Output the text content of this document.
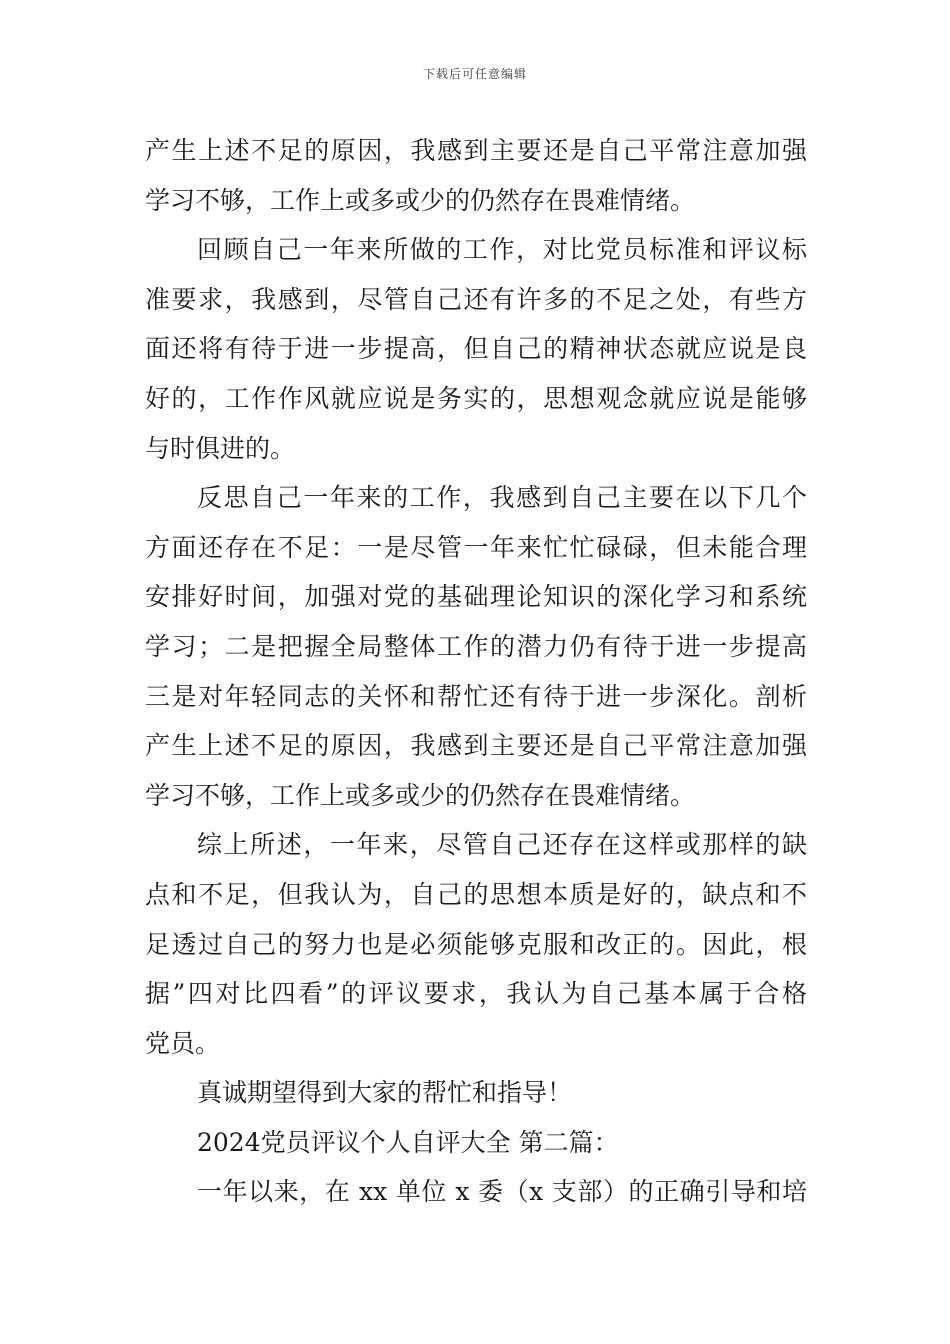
下载后可任意编辑
产生上述不足的原因，我感到主要还是自己平常注意加强
学习不够，工作上或多或少的仍然存在畏难情绪。
回顾自己一年来所做的工作，对比党员标准和评议标
准要求，我感到，尽管自己还有许多的不足之处，有些方
面还将有待于进一步提高，但自己的精神状态就应说是良
好的，工作作风就应说是务实的，思想观念就应说是能够
与时俱进的。
反思自己一年来的工作，我感到自己主要在以下几个
方面还存在不足：一是尽管一年来忙忙碌碌，但未能合理
安排好时间，加强对党的基础理论知识的深化学习和系统
学习；二是把握全局整体工作的潜力仍有待于进一步提高
三是对年轻同志的关怀和帮忙还有待于进一步深化。剖析
产生上述不足的原因，我感到主要还是自己平常注意加强
学习不够，工作上或多或少的仍然存在畏难情绪。
综上所述，一年来，尽管自己还存在这样或那样的缺
点和不足，但我认为，自己的思想本质是好的，缺点和不
足透过自己的努力也是必须能够克服和改正的。因此，根
据”四对比四看”的评议要求，我认为自己基本属于合格
党员。
真诚期望得到大家的帮忙和指导！
2024党员评议个人自评大全 第二篇：
一年以来，在 xx 单位 x 委（x 支部）的正确引导和培
